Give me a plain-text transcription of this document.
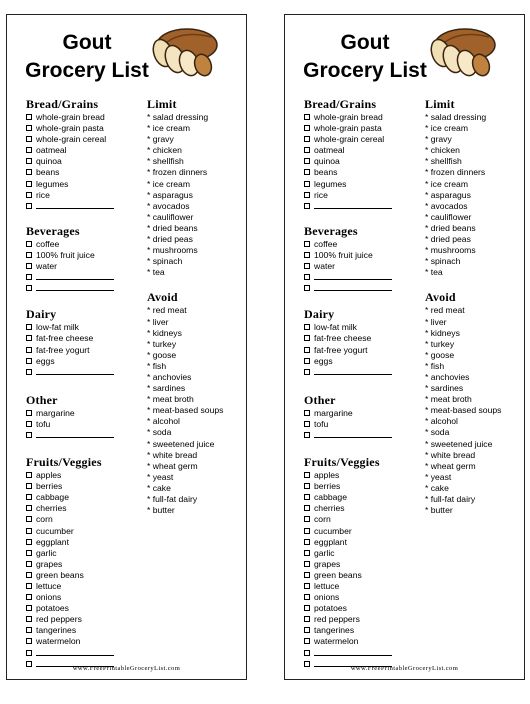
Gout
Grocery List
Bread/Grains
whole-grain bread
whole-grain pasta
whole-grain cereal
oatmeal
quinoa
beans
legumes
rice
Beverages
coffee
100% fruit juice
water
Dairy
low-fat milk
fat-free cheese
fat-free yogurt
eggs
Other
margarine
tofu
Fruits/Veggies
apples
berries
cabbage
cherries
corn
cucumber
eggplant
garlic
grapes
green beans
lettuce
onions
potatoes
red peppers
tangerines
watermelon
Limit
* salad dressing
* ice cream
* gravy
* chicken
* shellfish
* frozen dinners
* ice cream
* asparagus
* avocados
* cauliflower
* dried beans
* dried peas
* mushrooms
* spinach
* tea
Avoid
* red meat
* liver
* kidneys
* turkey
* goose
* fish
* anchovies
* sardines
* meat broth
* meat-based soups
* alcohol
* soda
* sweetened juice
* white bread
* wheat germ
* yeast
* cake
* full-fat dairy
* butter
www.FreePrintableGroceryList.com
Gout
Grocery List
Bread/Grains
whole-grain bread
whole-grain pasta
whole-grain cereal
oatmeal
quinoa
beans
legumes
rice
Beverages
coffee
100% fruit juice
water
Dairy
low-fat milk
fat-free cheese
fat-free yogurt
eggs
Other
margarine
tofu
Fruits/Veggies
apples
berries
cabbage
cherries
corn
cucumber
eggplant
garlic
grapes
green beans
lettuce
onions
potatoes
red peppers
tangerines
watermelon
Limit
* salad dressing
* ice cream
* gravy
* chicken
* shellfish
* frozen dinners
* ice cream
* asparagus
* avocados
* cauliflower
* dried beans
* dried peas
* mushrooms
* spinach
* tea
Avoid
* red meat
* liver
* kidneys
* turkey
* goose
* fish
* anchovies
* sardines
* meat broth
* meat-based soups
* alcohol
* soda
* sweetened juice
* white bread
* wheat germ
* yeast
* cake
* full-fat dairy
* butter
www.FreePrintableGroceryList.com
